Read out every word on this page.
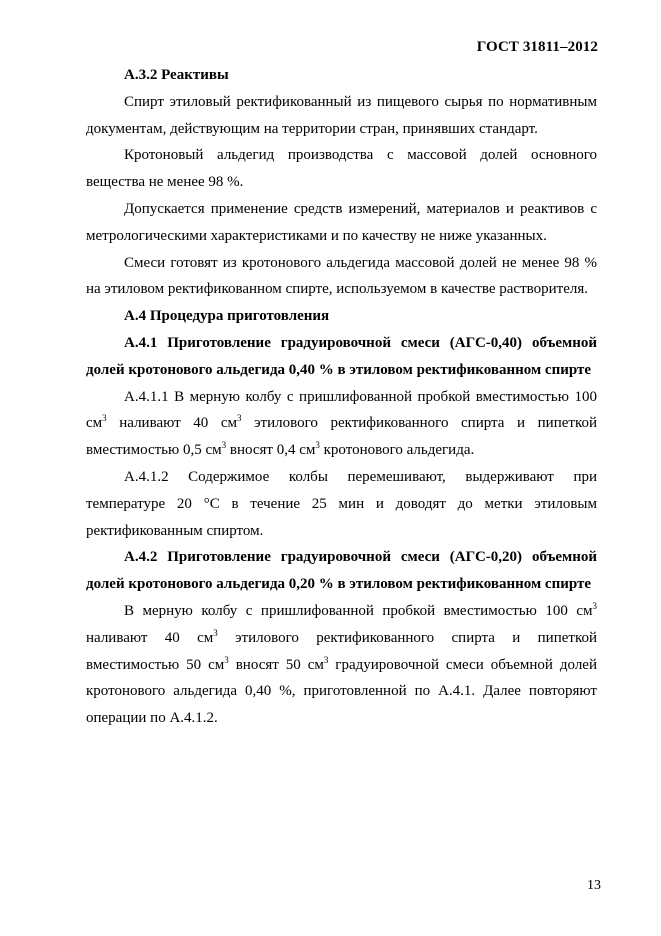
ГОСТ 31811–2012

А.3.2 Реактивы

Спирт этиловый ректификованный из пищевого сырья по нормативным документам, действующим на территории стран, принявших стандарт.

Кротоновый альдегид производства с массовой долей основного вещества не менее 98 %.

Допускается применение средств измерений, материалов и реактивов с метрологическими характеристиками и по качеству не ниже указанных.

Смеси готовят из кротонового альдегида массовой долей не менее 98 % на этиловом ректификованном спирте, используемом в качестве растворителя.

А.4 Процедура приготовления

А.4.1 Приготовление градуировочной смеси (АГС-0,40) объемной долей кротонового альдегида 0,40 % в этиловом ректификованном спирте

А.4.1.1 В мерную колбу с пришлифованной пробкой вместимостью 100 $см^3$ наливают 40 $см^3$ этилового ректификованного спирта и пипеткой вместимостью 0,5 $см^3$ вносят 0,4 $см^3$ кротонового альдегида.

А.4.1.2 Содержимое колбы перемешивают, выдерживают при температуре 20 °С в течение 25 мин и доводят до метки этиловым ректификованным спиртом.

А.4.2 Приготовление градуировочной смеси (АГС-0,20) объемной долей кротонового альдегида 0,20 % в этиловом ректификованном спирте

В мерную колбу с пришлифованной пробкой вместимостью 100 $см^3$ наливают 40 $см^3$ этилового ректификованного спирта и пипеткой вместимостью 50 $см^3$ вносят 50 $см^3$ градуировочной смеси объемной долей кротонового альдегида 0,40 %, приготовленной по А.4.1. Далее повторяют операции по А.4.1.2.

13
